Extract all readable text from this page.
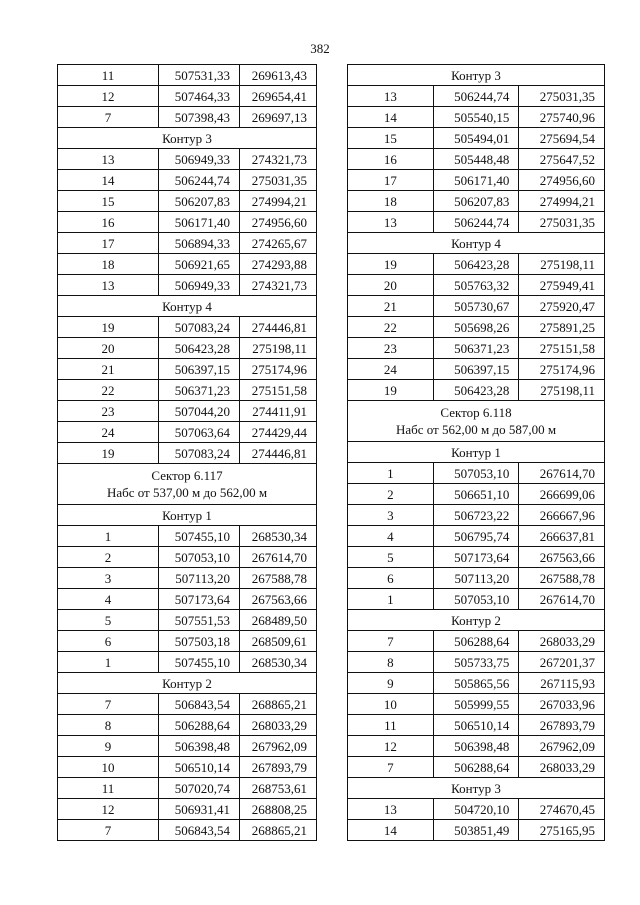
382
11	507531,33	269613,43
12	507464,33	269654,41
7	507398,43	269697,13
Контур 3		
13	506949,33	274321,73
14	506244,74	275031,35
15	506207,83	274994,21
16	506171,40	274956,60
17	506894,33	274265,67
18	506921,65	274293,88
13	506949,33	274321,73
Контур 4		
19	507083,24	274446,81
20	506423,28	275198,11
21	506397,15	275174,96
22	506371,23	275151,58
23	507044,20	274411,91
24	507063,64	274429,44
19	507083,24	274446,81

Сектор 6.117
Набс от 537,00 м до 562,00 м		

Контур 1		
1	507455,10	268530,34
2	507053,10	267614,70
3	507113,20	267588,78
4	507173,64	267563,66
5	507551,53	268489,50
6	507503,18	268509,61
1	507455,10	268530,34
Контур 2		
7	506843,54	268865,21
8	506288,64	268033,29
9	506398,48	267962,09
10	506510,14	267893,79
11	507020,74	268753,61
12	506931,41	268808,25
7	506843,54	268865,21
Контур 3		
13	506244,74	275031,35
14	505540,15	275740,96
15	505494,01	275694,54
16	505448,48	275647,52
17	506171,40	274956,60
18	506207,83	274994,21
13	506244,74	275031,35
Контур 4		
19	506423,28	275198,11
20	505763,32	275949,41
21	505730,67	275920,47
22	505698,26	275891,25
23	506371,23	275151,58
24	506397,15	275174,96
19	506423,28	275198,11

Сектор 6.118
Набс от 562,00 м до 587,00 м		

Контур 1		
1	507053,10	267614,70
2	506651,10	266699,06
3	506723,22	266667,96
4	506795,74	266637,81
5	507173,64	267563,66
6	507113,20	267588,78
1	507053,10	267614,70
Контур 2		
7	506288,64	268033,29
8	505733,75	267201,37
9	505865,56	267115,93
10	505999,55	267033,96
11	506510,14	267893,79
12	506398,48	267962,09
7	506288,64	268033,29
Контур 3		
13	504720,10	274670,45
14	503851,49	275165,95
